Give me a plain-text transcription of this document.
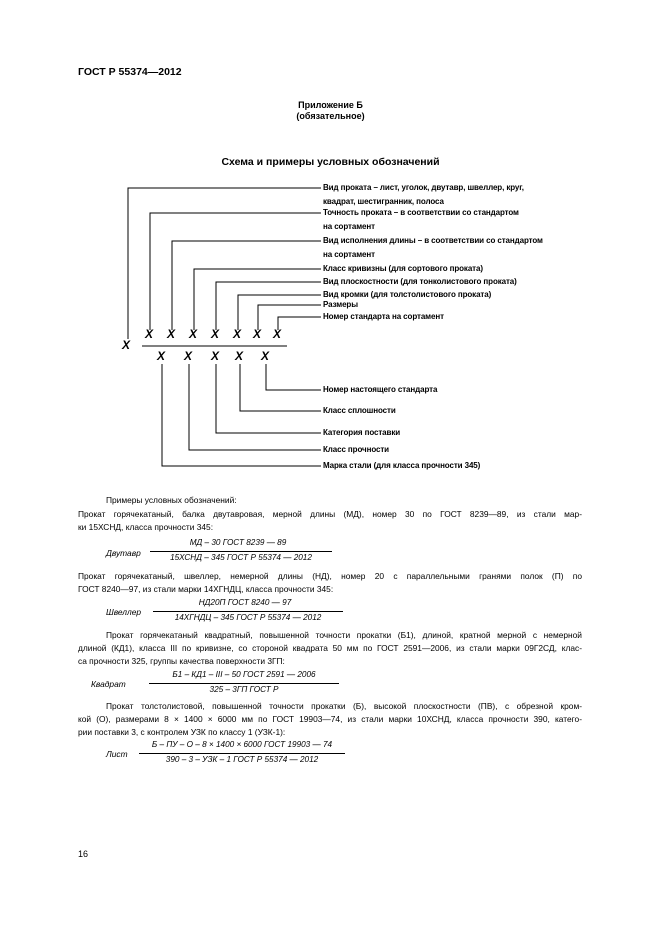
ГОСТ Р 55374—2012
Приложение Б
(обязательное)
Схема и примеры условных обозначений
X
X X X X X X X
X X X X X
Вид проката – лист, уголок, двутавр, швеллер, круг,
квадрат, шестигранник, полоса
Точность проката – в соответствии со стандартом
на сортамент
Вид исполнения длины – в соответствии со стандартом
на сортамент
Класс кривизны (для сортового проката)
Вид плоскостности (для тонколистового проката)
Вид кромки (для толстолистового проката)
Размеры
Номер стандарта на сортамент
Номер настоящего стандарта
Класс сплошности
Категория поставки
Класс прочности
Марка стали (для класса прочности 345)
Примеры условных обозначений:
Прокат горячекатаный, балка двутавровая, мерной длины (МД), номер 30 по ГОСТ 8239—89, из стали мар-
ки 15ХСНД, класса прочности 345:
Двутавр
МД – 30 ГОСТ 8239 — 89
15ХСНД – 345 ГОСТ Р 55374 — 2012
Прокат горячекатаный, швеллер, немерной длины (НД), номер 20 с параллельными гранями полок (П) по
ГОСТ 8240—97, из стали марки 14ХГНДЦ, класса прочности 345:
Швеллер
НД20П ГОСТ 8240 — 97
14ХГНДЦ – 345 ГОСТ Р 55374 — 2012
Прокат горячекатаный квадратный, повышенной точности прокатки (Б1), длиной, кратной мерной с немерной
длиной (КД1), класса III по кривизне, со стороной квадрата 50 мм по ГОСТ 2591—2006, из стали марки 09Г2СД, клас-
са прочности 325, группы качества поверхности 3ГП:
Квадрат
Б1 – КД1 – III – 50 ГОСТ 2591 — 2006
325 – 3ГП ГОСТ Р
Прокат толстолистовой, повышенной точности прокатки (Б), высокой плоскостности (ПВ), с обрезной кром-
кой (О), размерами 8 × 1400 × 6000 мм по ГОСТ 19903—74, из стали марки 10ХСНД, класса прочности 390, катего-
рии поставки 3, с контролем УЗК по классу 1 (УЗК-1):
Лист
Б – ПУ – О – 8 × 1400 × 6000 ГОСТ 19903 — 74
390 – 3 – УЗК – 1 ГОСТ Р 55374 — 2012
16
